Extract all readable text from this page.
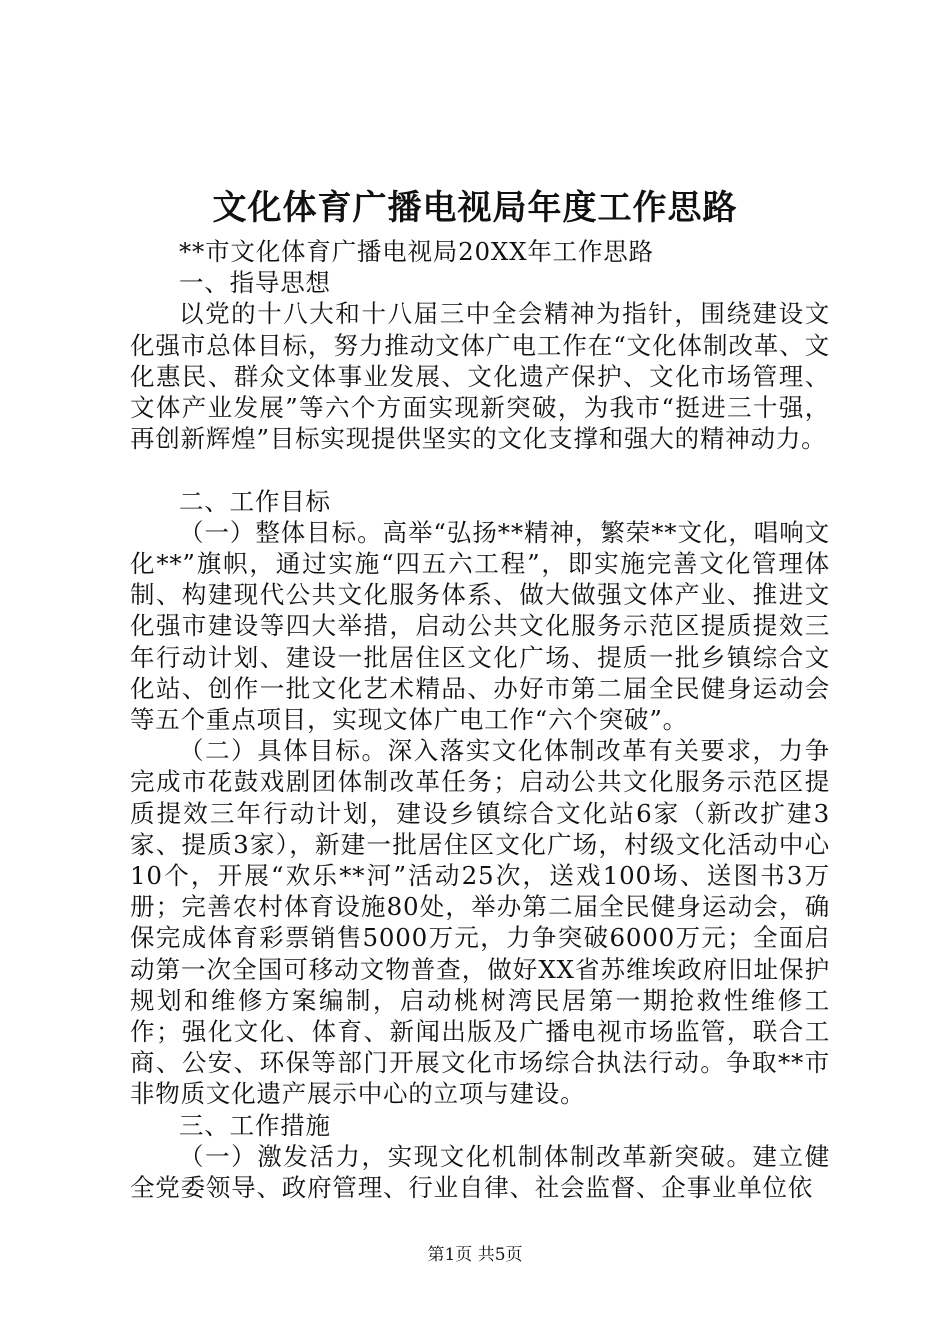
文化体育广播电视局年度工作思路

**市文化体育广播电视局20XX年工作思路

一、指导思想

以党的十八大和十八届三中全会精神为指针，围绕建设文化强市总体目标，努力推动文体广电工作在“文化体制改革、文化惠民、群众文体事业发展、文化遗产保护、文化市场管理、文体产业发展”等六个方面实现新突破，为我市“挺进三十强，再创新辉煌”目标实现提供坚实的文化支撑和强大的精神动力。

二、工作目标

（一）整体目标。高举“弘扬**精神，繁荣**文化，唱响文化**”旗帜，通过实施“四五六工程”，即实施完善文化管理体制、构建现代公共文化服务体系、做大做强文体产业、推进文化强市建设等四大举措，启动公共文化服务示范区提质提效三年行动计划、建设一批居住区文化广场、提质一批乡镇综合文化站、创作一批文化艺术精品、办好市第二届全民健身运动会等五个重点项目，实现文体广电工作“六个突破”。

（二）具体目标。深入落实文化体制改革有关要求，力争完成市花鼓戏剧团体制改革任务；启动公共文化服务示范区提质提效三年行动计划，建设乡镇综合文化站6家（新改扩建3家、提质3家），新建一批居住区文化广场，村级文化活动中心10个，开展“欢乐**河”活动25次，送戏100场、送图书3万册；完善农村体育设施80处，举办第二届全民健身运动会，确保完成体育彩票销售5000万元，力争突破6000万元；全面启动第一次全国可移动文物普查，做好XX省苏维埃政府旧址保护规划和维修方案编制，启动桃树湾民居第一期抢救性维修工作；强化文化、体育、新闻出版及广播电视市场监管，联合工商、公安、环保等部门开展文化市场综合执法行动。争取**市非物质文化遗产展示中心的立项与建设。

三、工作措施

（一）激发活力，实现文化机制体制改革新突破。建立健全党委领导、政府管理、行业自律、社会监督、企事业单位依

第1页 共5页
